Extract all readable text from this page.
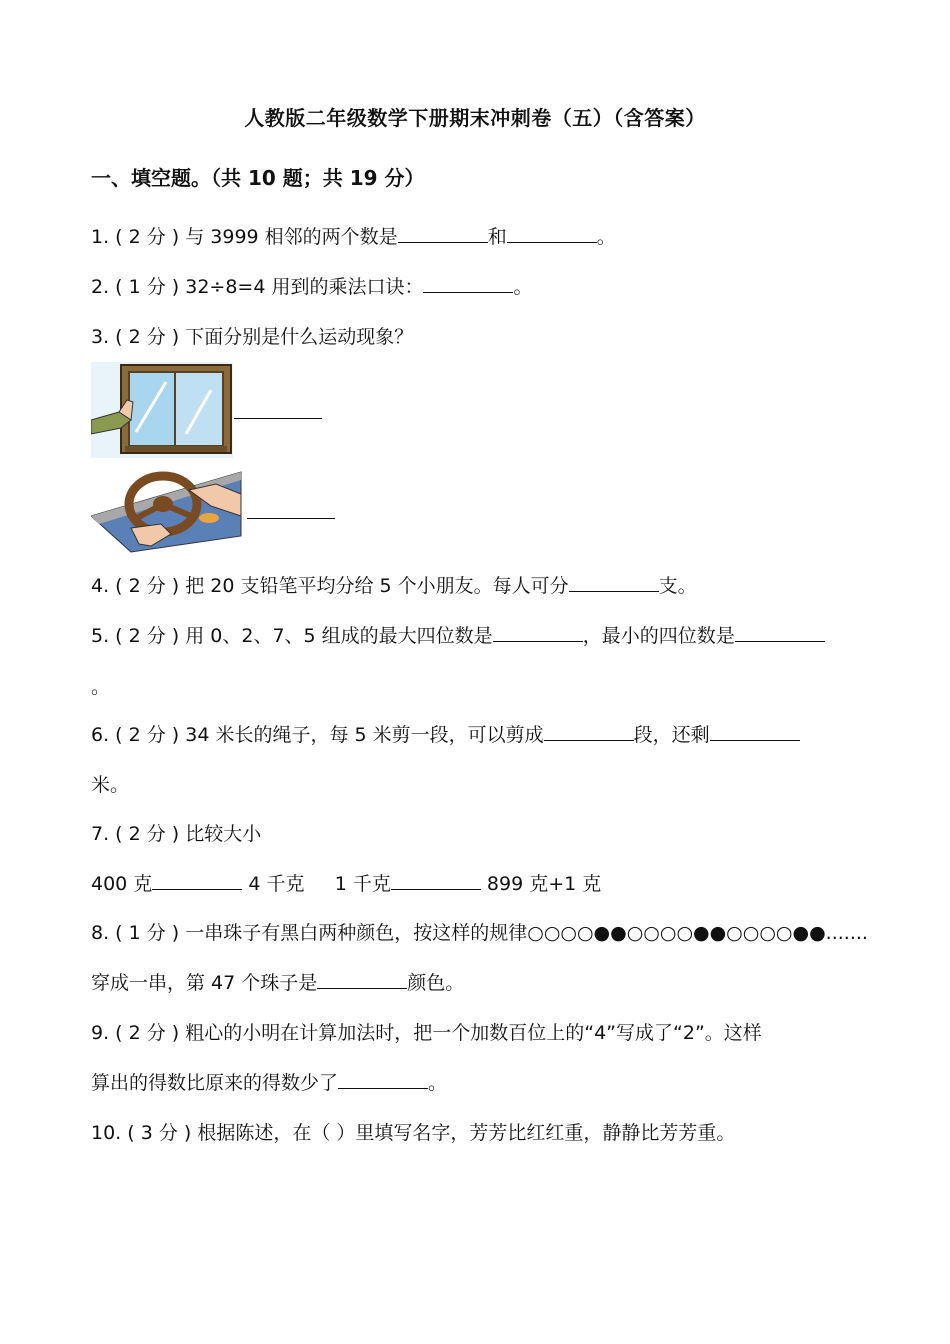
人教版二年级数学下册期末冲刺卷（五）（含答案）
一、填空题。（共 10 题；共 19 分）
1. ( 2 分 ) 与 3999 相邻的两个数是	和	。
2. ( 1 分 ) 32÷8=4 用到的乘法口诀：	。
3. ( 2 分 ) 下面分别是什么运动现象？
4. ( 2 分 ) 把 20 支铅笔平均分给 5 个小朋友。每人可分	支。
5. ( 2 分 ) 用 0、2、7、5 组成的最大四位数是	，最小的四位数是
。
6. ( 2 分 ) 34 米长的绳子，每 5 米剪一段，可以剪成	段，还剩
米。
7. ( 2 分 ) 比较大小
400 克	4 千克 1 千克	899 克+1 克
8. ( 1 分 ) 一串珠子有黑白两种颜色，按这样的规律○○○○●●○○○○●●○○○○●●.......
穿成一串，第 47 个珠子是	颜色。
9. ( 2 分 ) 粗心的小明在计算加法时，把一个加数百位上的“4”写成了“2”。这样
算出的得数比原来的得数少了	。
10. ( 3 分 ) 根据陈述，在（ ）里填写名字，芳芳比红红重，静静比芳芳重。
